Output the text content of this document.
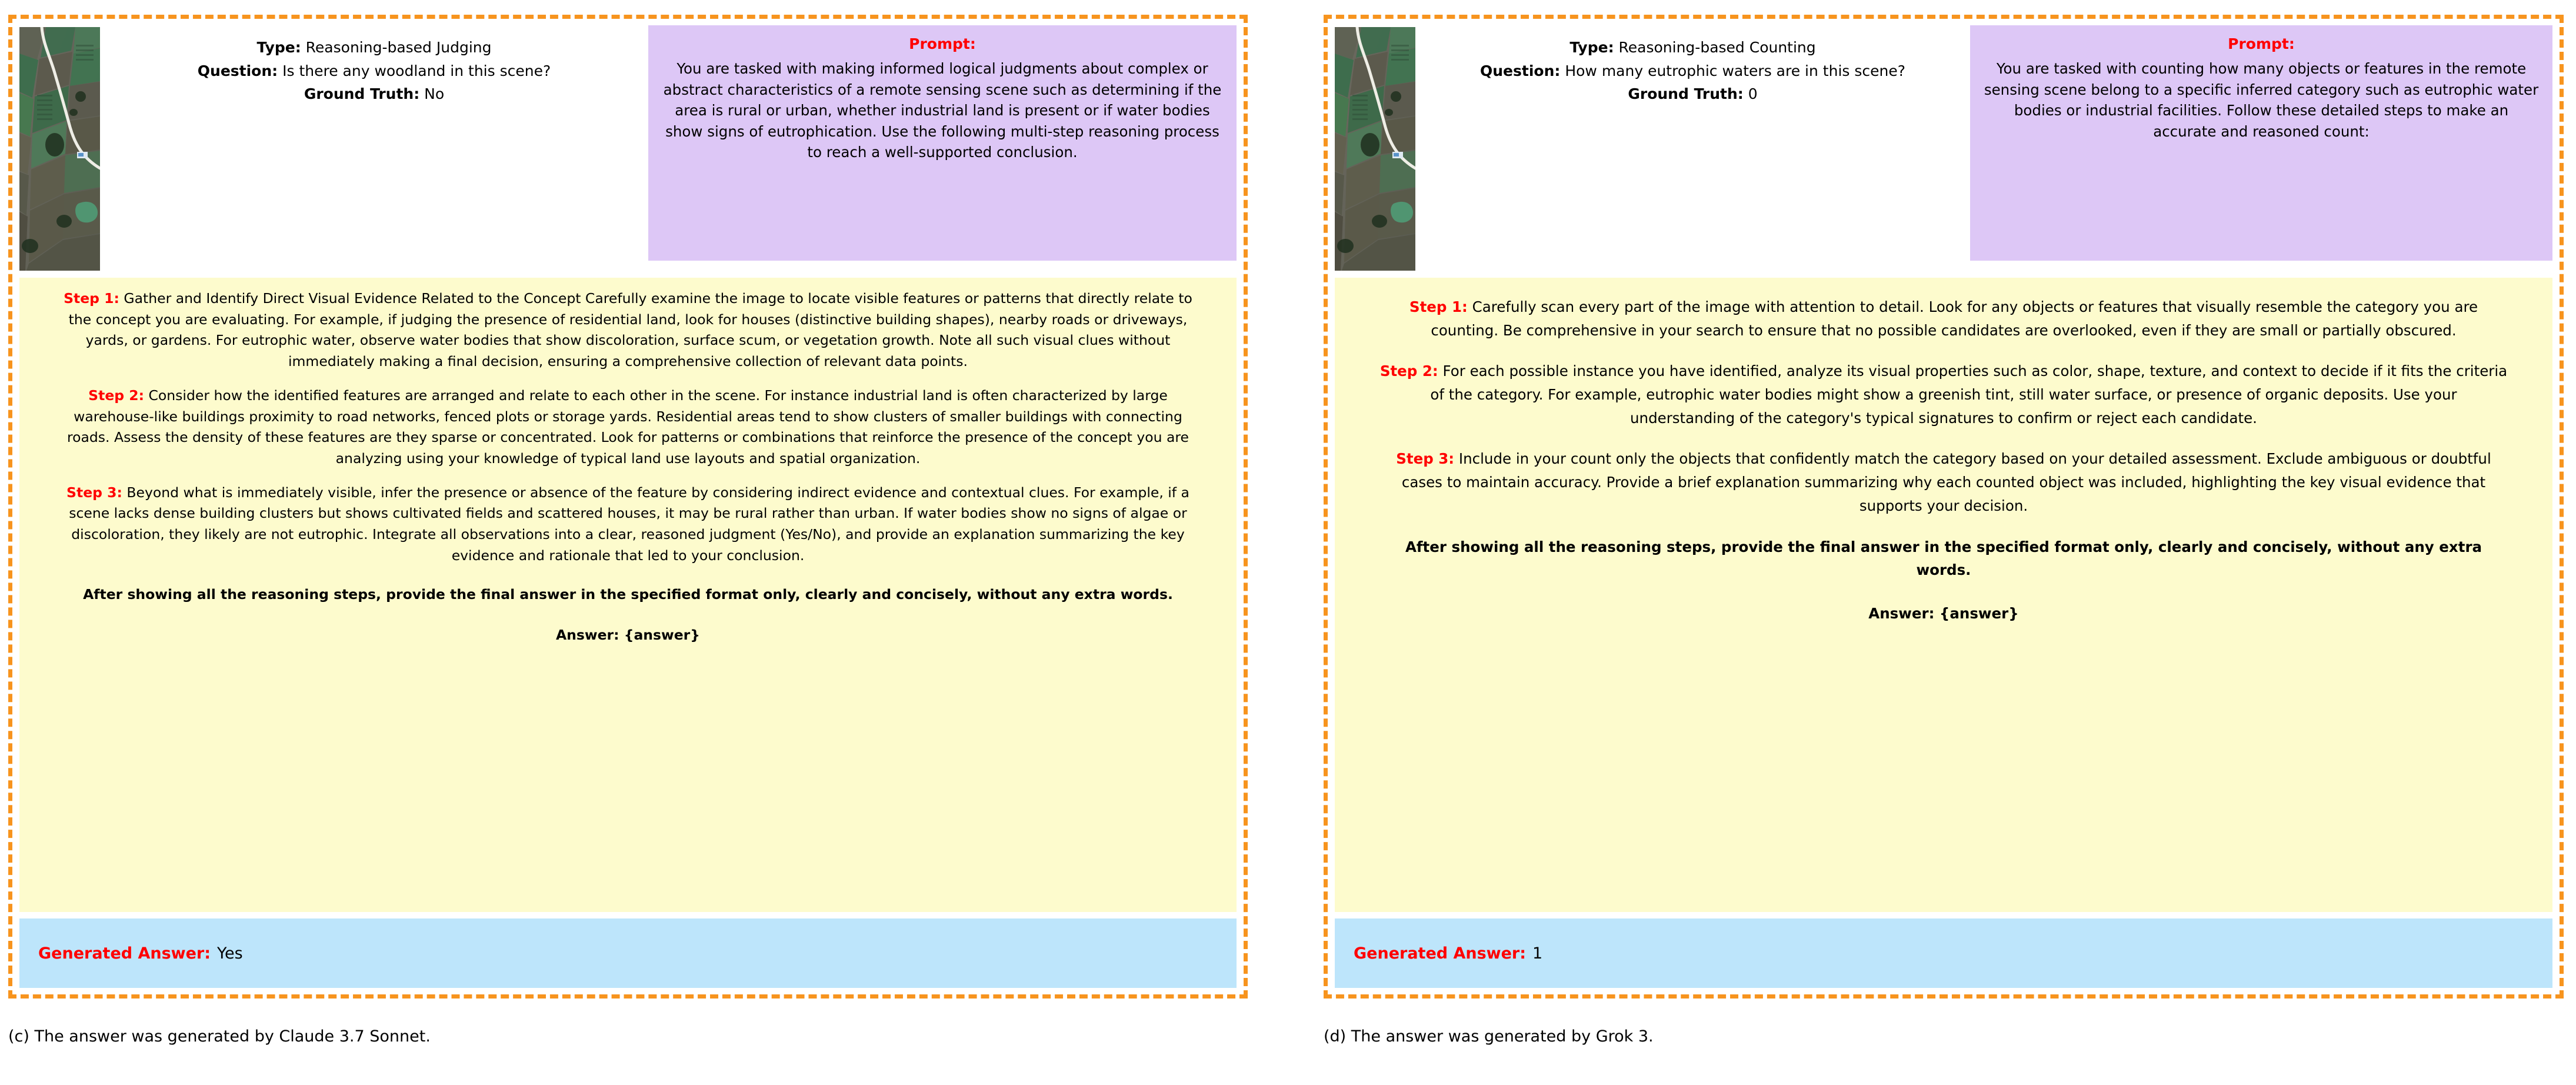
Type: Reasoning-based Judging

Question: Is there any woodland in this scene?

Ground Truth: No

Prompt:
You are tasked with making informed logical judgments about complex or abstract characteristics of a remote sensing scene such as determining if the area is rural or urban, whether industrial land is present or if water bodies show signs of eutrophication. Use the following multi-step reasoning process to reach a well-supported conclusion.

Step 1: Gather and Identify Direct Visual Evidence Related to the Concept Carefully examine the image to locate visible features or patterns that directly relate to the concept you are evaluating. For example, if judging the presence of residential land, look for houses (distinctive building shapes), nearby roads or driveways, yards, or gardens. For eutrophic water, observe water bodies that show discoloration, surface scum, or vegetation growth. Note all such visual clues without immediately making a final decision, ensuring a comprehensive collection of relevant data points.

Step 2: Consider how the identified features are arranged and relate to each other in the scene. For instance industrial land is often characterized by large warehouse-like buildings proximity to road networks, fenced plots or storage yards. Residential areas tend to show clusters of smaller buildings with connecting roads. Assess the density of these features are they sparse or concentrated. Look for patterns or combinations that reinforce the presence of the concept you are analyzing using your knowledge of typical land use layouts and spatial organization.

Step 3: Beyond what is immediately visible, infer the presence or absence of the feature by considering indirect evidence and contextual clues. For example, if a scene lacks dense building clusters but shows cultivated fields and scattered houses, it may be rural rather than urban. If water bodies show no signs of algae or discoloration, they likely are not eutrophic. Integrate all observations into a clear, reasoned judgment (Yes/No), and provide an explanation summarizing the key evidence and rationale that led to your conclusion.

After showing all the reasoning steps, provide the final answer in the specified format only, clearly and concisely, without any extra words.

Answer: {answer}

Generated Answer: Yes
(c) The answer was generated by Claude 3.7 Sonnet.

Type: Reasoning-based Counting

Question: How many eutrophic waters are in this scene?

Ground Truth: 0

Prompt:
You are tasked with counting how many objects or features in the remote sensing scene belong to a specific inferred category such as eutrophic water bodies or industrial facilities. Follow these detailed steps to make an accurate and reasoned count:

Step 1: Carefully scan every part of the image with attention to detail. Look for any objects or features that visually resemble the category you are counting. Be comprehensive in your search to ensure that no possible candidates are overlooked, even if they are small or partially obscured.

Step 2: For each possible instance you have identified, analyze its visual properties such as color, shape, texture, and context to decide if it fits the criteria of the category. For example, eutrophic water bodies might show a greenish tint, still water surface, or presence of organic deposits. Use your understanding of the category's typical signatures to confirm or reject each candidate.

Step 3: Include in your count only the objects that confidently match the category based on your detailed assessment. Exclude ambiguous or doubtful cases to maintain accuracy. Provide a brief explanation summarizing why each counted object was included, highlighting the key visual evidence that supports your decision.

After showing all the reasoning steps, provide the final answer in the specified format only, clearly and concisely, without any extra words.

Answer: {answer}

Generated Answer: 1
(d) The answer was generated by Grok 3.
